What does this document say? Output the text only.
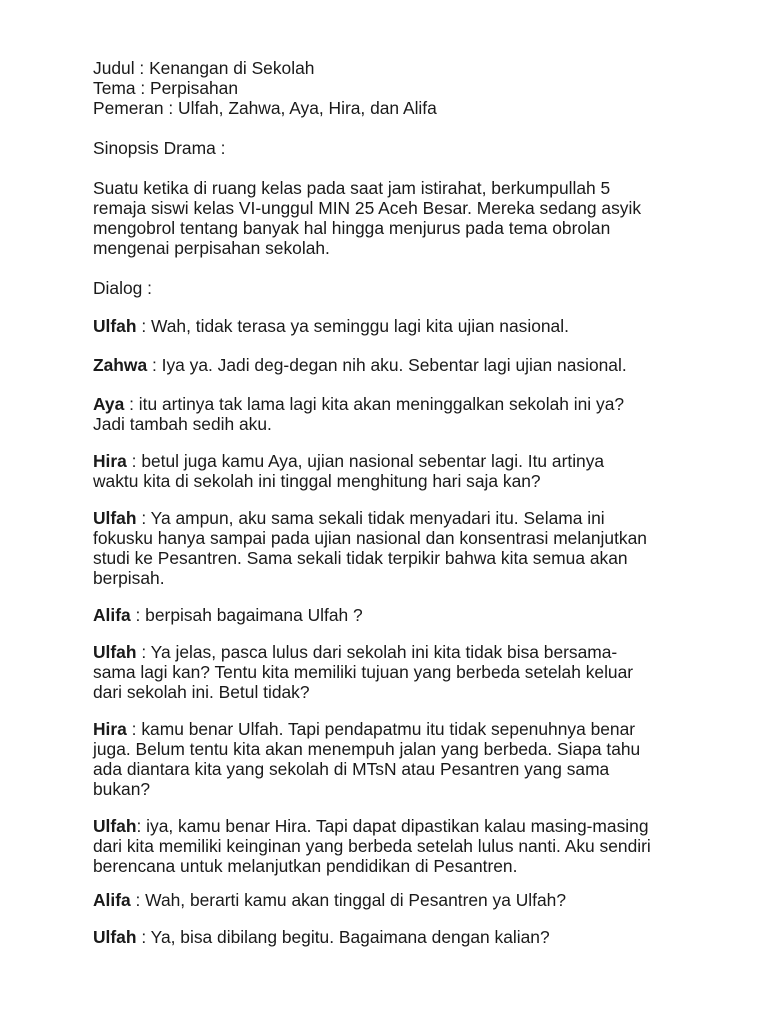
Judul : Kenangan di Sekolah
Tema : Perpisahan
Pemeran : Ulfah, Zahwa, Aya, Hira, dan Alifa
Sinopsis Drama :
Suatu ketika di ruang kelas pada saat jam istirahat, berkumpullah 5
remaja siswi kelas VI-unggul MIN 25 Aceh Besar. Mereka sedang asyik
mengobrol tentang banyak hal hingga menjurus pada tema obrolan
mengenai perpisahan sekolah.
Dialog :
Ulfah : Wah, tidak terasa ya seminggu lagi kita ujian nasional.
Zahwa : Iya ya. Jadi deg-degan nih aku. Sebentar lagi ujian nasional.
Aya : itu artinya tak lama lagi kita akan meninggalkan sekolah ini ya?
Jadi tambah sedih aku.
Hira : betul juga kamu Aya, ujian nasional sebentar lagi. Itu artinya
waktu kita di sekolah ini tinggal menghitung hari saja kan?
Ulfah : Ya ampun, aku sama sekali tidak menyadari itu. Selama ini
fokusku hanya sampai pada ujian nasional dan konsentrasi melanjutkan
studi ke Pesantren. Sama sekali tidak terpikir bahwa kita semua akan
berpisah.
Alifa : berpisah bagaimana Ulfah ?
Ulfah : Ya jelas, pasca lulus dari sekolah ini kita tidak bisa bersama-
sama lagi kan? Tentu kita memiliki tujuan yang berbeda setelah keluar
dari sekolah ini. Betul tidak?
Hira : kamu benar Ulfah. Tapi pendapatmu itu tidak sepenuhnya benar
juga. Belum tentu kita akan menempuh jalan yang berbeda. Siapa tahu
ada diantara kita yang sekolah di MTsN atau Pesantren yang sama
bukan?
Ulfah: iya, kamu benar Hira. Tapi dapat dipastikan kalau masing-masing
dari kita memiliki keinginan yang berbeda setelah lulus nanti. Aku sendiri
berencana untuk melanjutkan pendidikan di Pesantren.
Alifa : Wah, berarti kamu akan tinggal di Pesantren ya Ulfah?
Ulfah : Ya, bisa dibilang begitu. Bagaimana dengan kalian?
